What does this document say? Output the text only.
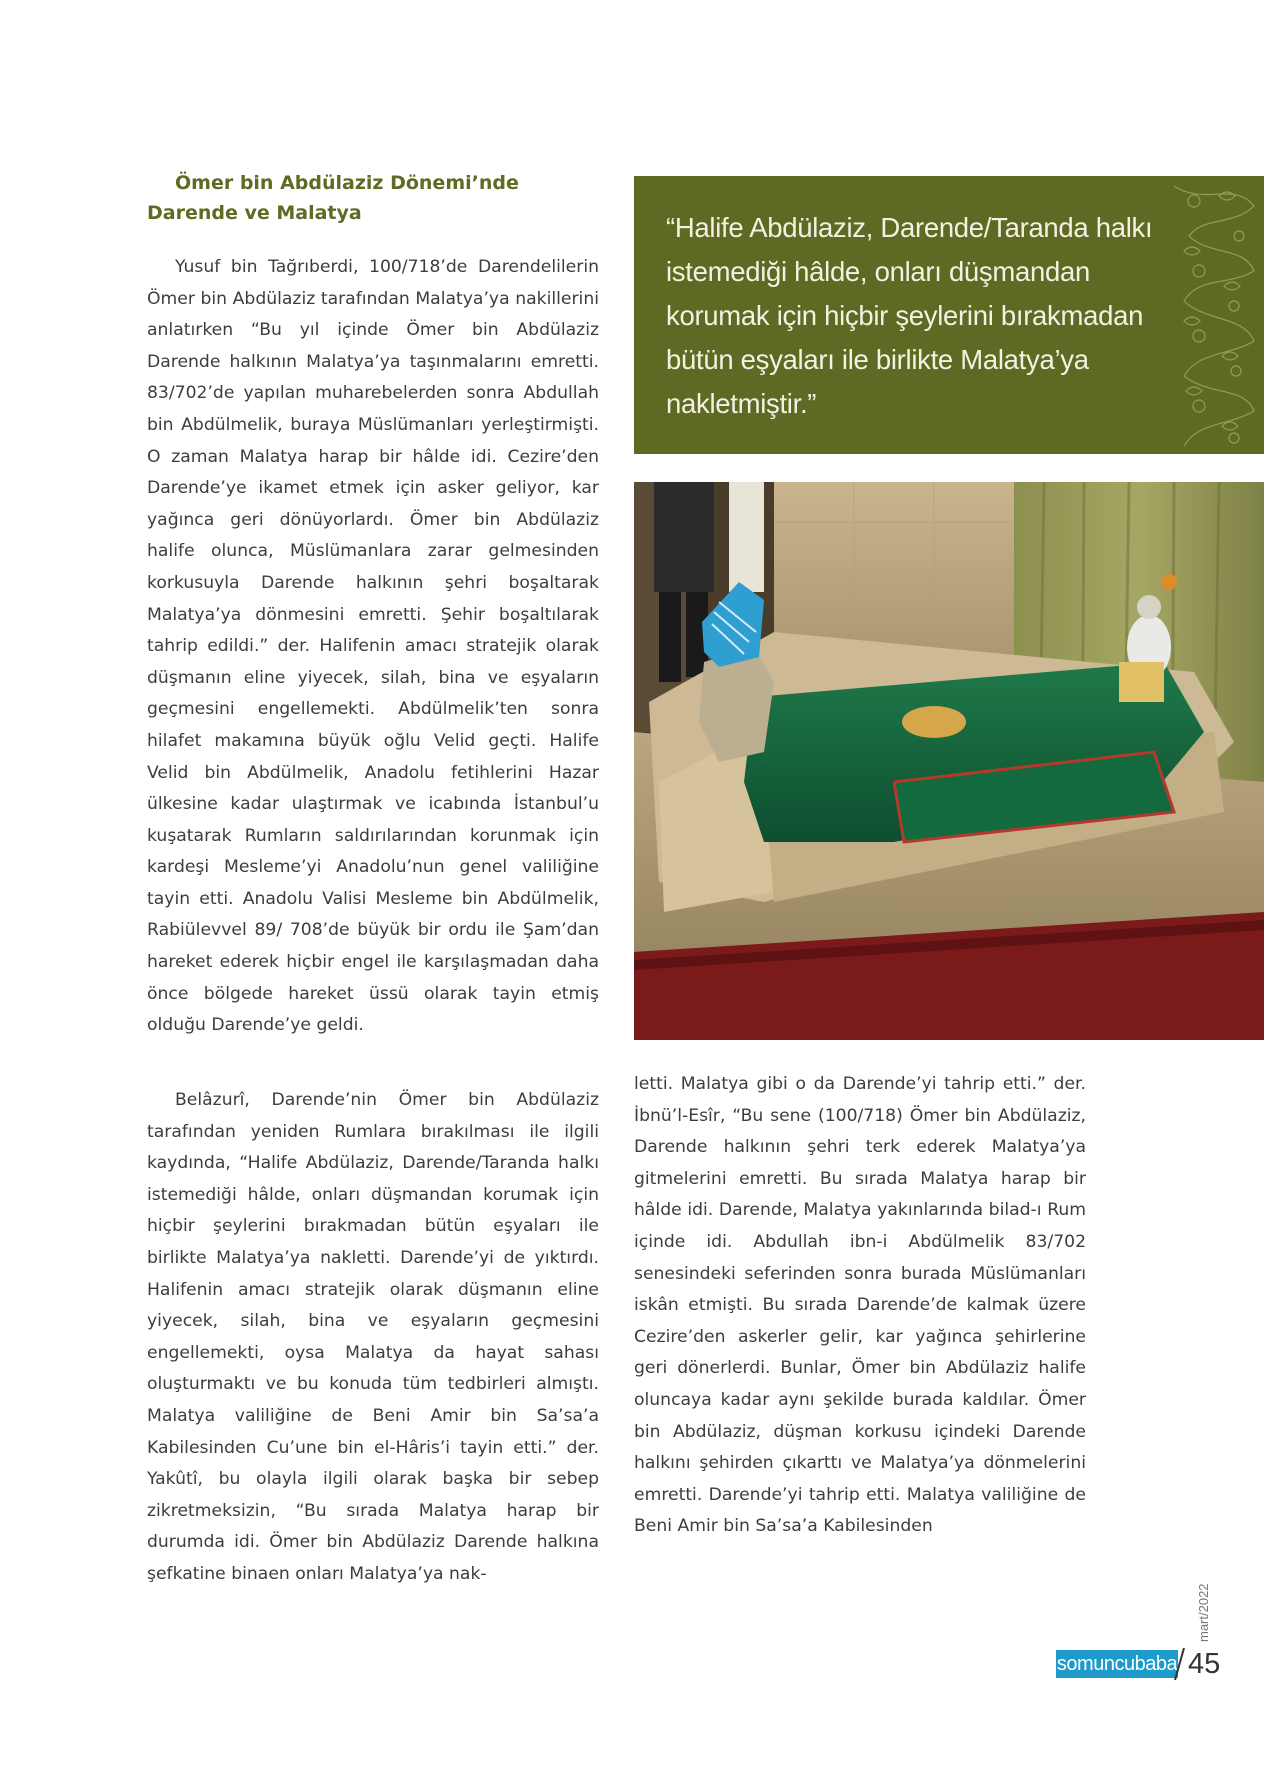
Ömer bin Abdülaziz Dönemi’nde Darende ve Malatya

Yusuf bin Tağrıberdi, 100/718’de Darendelilerin Ömer bin Abdülaziz tarafından Malatya’ya nakillerini anlatırken “Bu yıl içinde Ömer bin Abdülaziz Darende halkının Malatya’ya taşınmalarını emretti. 83/702’de yapılan muharebelerden sonra Abdullah bin Abdülmelik, buraya Müslümanları yerleştirmişti. O zaman Malatya harap bir hâlde idi. Cezire’den Darende’ye ikamet etmek için asker geliyor, kar yağınca geri dönüyorlardı. Ömer bin Abdülaziz halife olunca, Müslümanlara zarar gelmesinden korkusuyla Darende halkının şehri boşaltarak Malatya’ya dönmesini emretti. Şehir boşaltılarak tahrip edildi.” der. Halifenin amacı stratejik olarak düşmanın eline yiyecek, silah, bina ve eşyaların geçmesini engellemekti. Abdülmelik’ten sonra hilafet makamına büyük oğlu Velid geçti. Halife Velid bin Abdülmelik, Anadolu fetihlerini Hazar ülkesine kadar ulaştırmak ve icabında İstanbul’u kuşatarak Rumların saldırılarından korunmak için kardeşi Mesleme’yi Anadolu’nun genel valiliğine tayin etti. Anadolu Valisi Mesleme bin Abdülmelik, Rabiülevvel 89/ 708’de büyük bir ordu ile Şam’dan hareket ederek hiçbir engel ile karşılaşmadan daha önce bölgede hareket üssü olarak tayin etmiş olduğu Darende’ye geldi.

Belâzurî, Darende’nin Ömer bin Abdülaziz tarafından yeniden Rumlara bırakılması ile ilgili kaydında, “Halife Abdülaziz, Darende/Taranda halkı istemediği hâlde, onları düşmandan korumak için hiçbir şeylerini bırakmadan bütün eşyaları ile birlikte Malatya’ya nakletti. Darende’yi de yıktırdı. Halifenin amacı stratejik olarak düşmanın eline yiyecek, silah, bina ve eşyaların geçmesini engellemekti, oysa Malatya da hayat sahası oluşturmaktı ve bu konuda tüm tedbirleri almıştı. Malatya valiliğine de Beni Amir bin Sa’sa’a Kabilesinden Cu’une bin el-Hâris’i tayin etti.” der. Yakûtî, bu olayla ilgili olarak başka bir sebep zikretmeksizin, “Bu sırada Malatya harap bir durumda idi. Ömer bin Abdülaziz Darende halkına şefkatine binaen onları Malatya’ya nak-

“Halife Abdülaziz, Darende/Taranda halkı istemediği hâlde, onları düşmandan korumak için hiçbir şeylerini bırakmadan bütün eşyaları ile birlikte Malatya’ya nakletmiştir.”

letti. Malatya gibi o da Darende’yi tahrip etti.” der. İbnü’l-Esîr, “Bu sene (100/718) Ömer bin Abdülaziz, Darende halkının şehri terk ederek Malatya’ya gitmelerini emretti. Bu sırada Malatya harap bir hâlde idi. Darende, Malatya yakınlarında bilad-ı Rum içinde idi. Abdullah ibn-i Abdülmelik 83/702 senesindeki seferinden sonra burada Müslümanları iskân etmişti. Bu sırada Darende’de kalmak üzere Cezire’den askerler gelir, kar yağınca şehirlerine geri dönerlerdi. Bunlar, Ömer bin Abdülaziz halife oluncaya kadar aynı şekilde burada kaldılar. Ömer bin Abdülaziz, düşman korkusu içindeki Darende halkını şehirden çıkarttı ve Malatya’ya dönmelerini emretti. Darende’yi tahrip etti. Malatya valiliğine de Beni Amir bin Sa’sa’a Kabilesinden

mart/2022
somuncubaba 45
